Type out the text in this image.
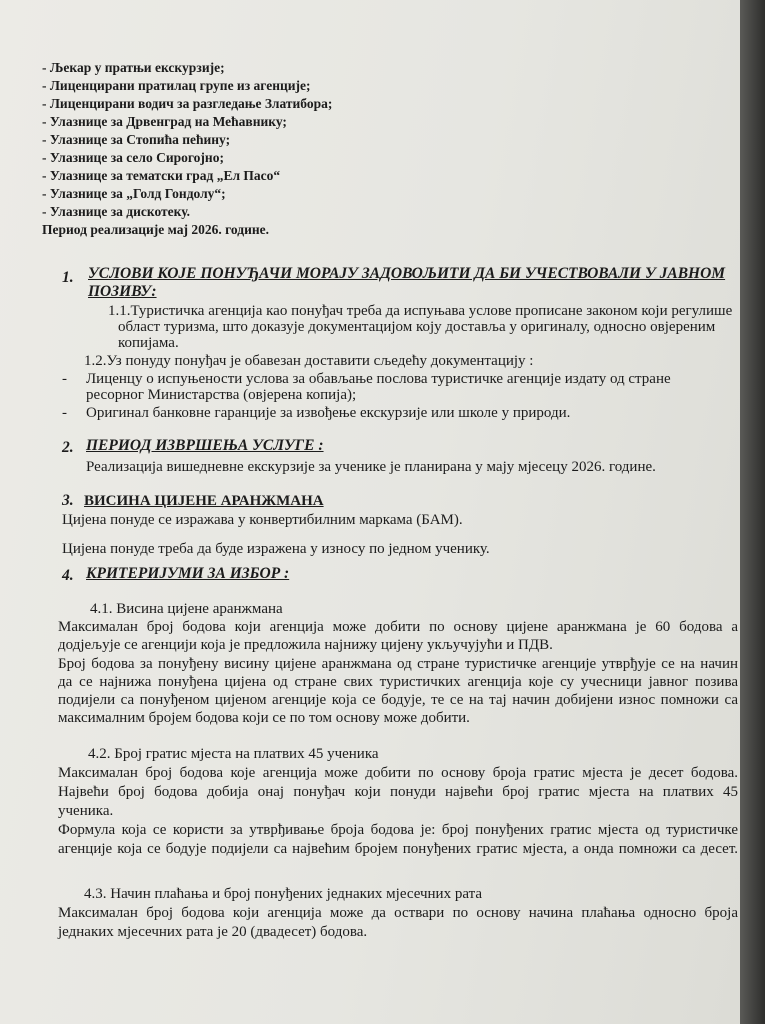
- Љекар у пратњи екскурзије;
- Лиценцирани пратилац групе из агенције;
- Лиценцирани водич за разгледање Златибора;
- Улазнице за Дрвенград на Мећавнику;
- Улазнице за Стопића пећину;
- Улазнице за село Сирогојно;
- Улазнице за тематски град „Ел Пасо“
- Улазнице за „Голд Гондолу“;
- Улазнице за дискотеку.
Период реализације мај 2026. године.
1. УСЛОВИ КОЈЕ ПОНУЂАЧИ МОРАЈУ ЗАДОВОЉИТИ ДА БИ УЧЕСТВОВАЛИ У ЈАВНОМ
ПОЗИВУ:
1.1.Туристичка агенција као понуђач треба да испуњава услове прописане законом који регулише
област туризма, што доказује документацијом коју доставља у оригиналу, односно овјереним
копијама.
1.2.Уз понуду понуђач је обавезан доставити сљедећу документацију :
- Лиценцу о испуњености услова за обављање послова туристичке агенције издату од стране
ресорног Министарства (овјерена копија);
- Оригинал банковне гаранције за извођење екскурзије или школе у природи.
2. ПЕРИОД ИЗВРШЕЊА УСЛУГЕ :
Реализација вишедневне екскурзије за ученике је планирана у мају мјесецу 2026. године.
3. ВИСИНА ЦИЈЕНЕ АРАНЖМАНА
Цијена понуде се изражава у конвертибилним маркама (БАМ).
Цијена понуде треба да буде изражена у износу по једном ученику.
4. КРИТЕРИЈУМИ ЗА ИЗБОР :
4.1. Висина цијене аранжмана
Максималан број бодова који агенција може добити по основу цијене аранжмана је 60 бодова а
додјељује се агенцији која је предложила најнижу цијену укључујући и ПДВ.
Број бодова за понуђену висину цијене аранжмана од стране туристичке агенције утврђује се на начин
да се најнижа понуђена цијена од стране свих туристичких агенција које су учесници јавног позива
подијели са понуђеном цијеном агенције која се бодује, те се на тај начин добијени износ помножи са
максималним бројем бодова који се по том основу може добити.
4.2. Број гратис мјеста на платвих 45 ученика
Максималан број бодова које агенција може добити по основу броја гратис мјеста је десет бодова.
Највећи број бодова добија онај понуђач који понуди највећи број гратис мјеста на платвих 45
ученика.
Формула која се користи за утврђивање броја бодова је: број понуђених гратис мјеста од туристичке
агенције која се бодује подијели са највећим бројем понуђених гратис мјеста, а онда помножи са десет.
4.3. Начин плаћања и број понуђених једнаких мјесечних рата
Максималан број бодова који агенција може да оствари по основу начина плаћања односно броја
једнаких мјесечних рата је 20 (двадесет) бодова.
